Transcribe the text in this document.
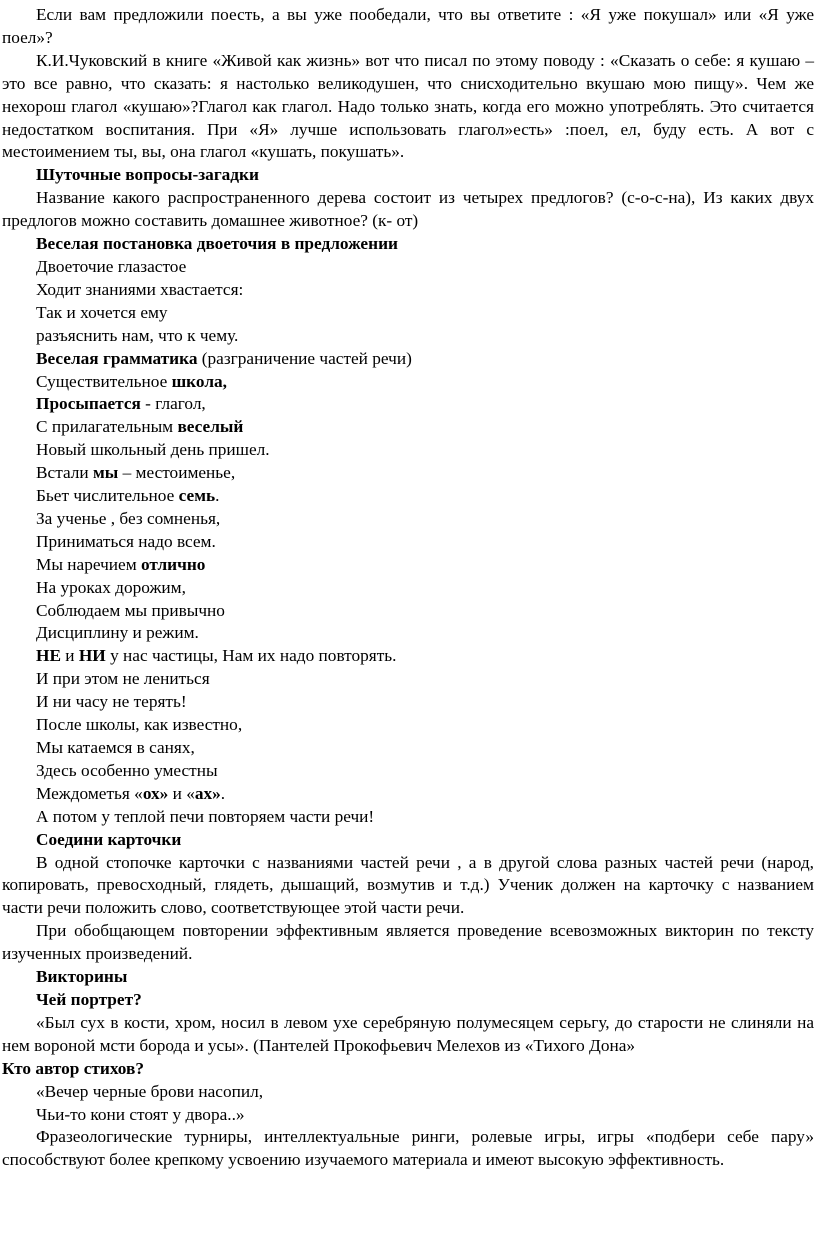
Если вам предложили поесть, а вы уже пообедали, что вы ответите : «Я уже покушал» или «Я уже поел»?

К.И.Чуковский в книге «Живой как жизнь» вот что писал по этому поводу : «Сказать о себе: я кушаю – это все равно, что сказать: я настолько великодушен, что снисходительно вкушаю мою пищу». Чем же нехорош глагол «кушаю»?Глагол как глагол. Надо только знать, когда его можно употреблять. Это считается недостатком воспитания. При «Я» лучше использовать глагол»есть» :поел, ел, буду есть. А вот с местоимением ты, вы, она глагол «кушать, покушать».

Шуточные вопросы-загадки

Название какого распространенного дерева состоит из четырех предлогов? (с-о-с-на), Из каких двух предлогов можно составить домашнее животное? (к- от)

Веселая постановка двоеточия в предложении

Двоеточие глазастое

Ходит знаниями хвастается:

Так и хочется ему

разъяснить нам, что к чему.

Веселая грамматика (разграничение частей речи)

Существительное школа,

Просыпается - глагол,

С прилагательным веселый

Новый школьный день пришел.

Встали мы – местоименье,

Бьет числительное семь.

За ученье , без сомненья,

Приниматься надо всем.

Мы наречием отлично

На уроках дорожим,

Соблюдаем мы привычно

Дисциплину и режим.

НЕ и НИ у нас частицы, Нам их надо повторять.

И при этом не лениться

И ни часу не терять!

После школы, как известно,

Мы катаемся в санях,

Здесь особенно уместны

Междометья «ох» и «ах».

А потом у теплой печи повторяем части речи!

Соедини карточки

В одной стопочке карточки с названиями частей речи , а в другой слова разных частей речи (народ, копировать, превосходный, глядеть, дышащий, возмутив и т.д.) Ученик должен на карточку с названием части речи положить слово, соответствующее этой части речи.

При обобщающем повторении эффективным является проведение всевозможных викторин по тексту изученных произведений.

Викторины

Чей портрет?

«Был сух в кости, хром, носил в левом ухе серебряную полумесяцем серьгу, до старости не слиняли на нем вороной мсти борода и усы». (Пантелей Прокофьевич Мелехов из «Тихого Дона»

Кто автор стихов?

«Вечер черные брови насопил,

Чьи-то кони стоят у двора..»

Фразеологические турниры, интеллектуальные ринги, ролевые игры, игры «подбери себе пару» способствуют более крепкому усвоению изучаемого материала и имеют высокую эффективность.
